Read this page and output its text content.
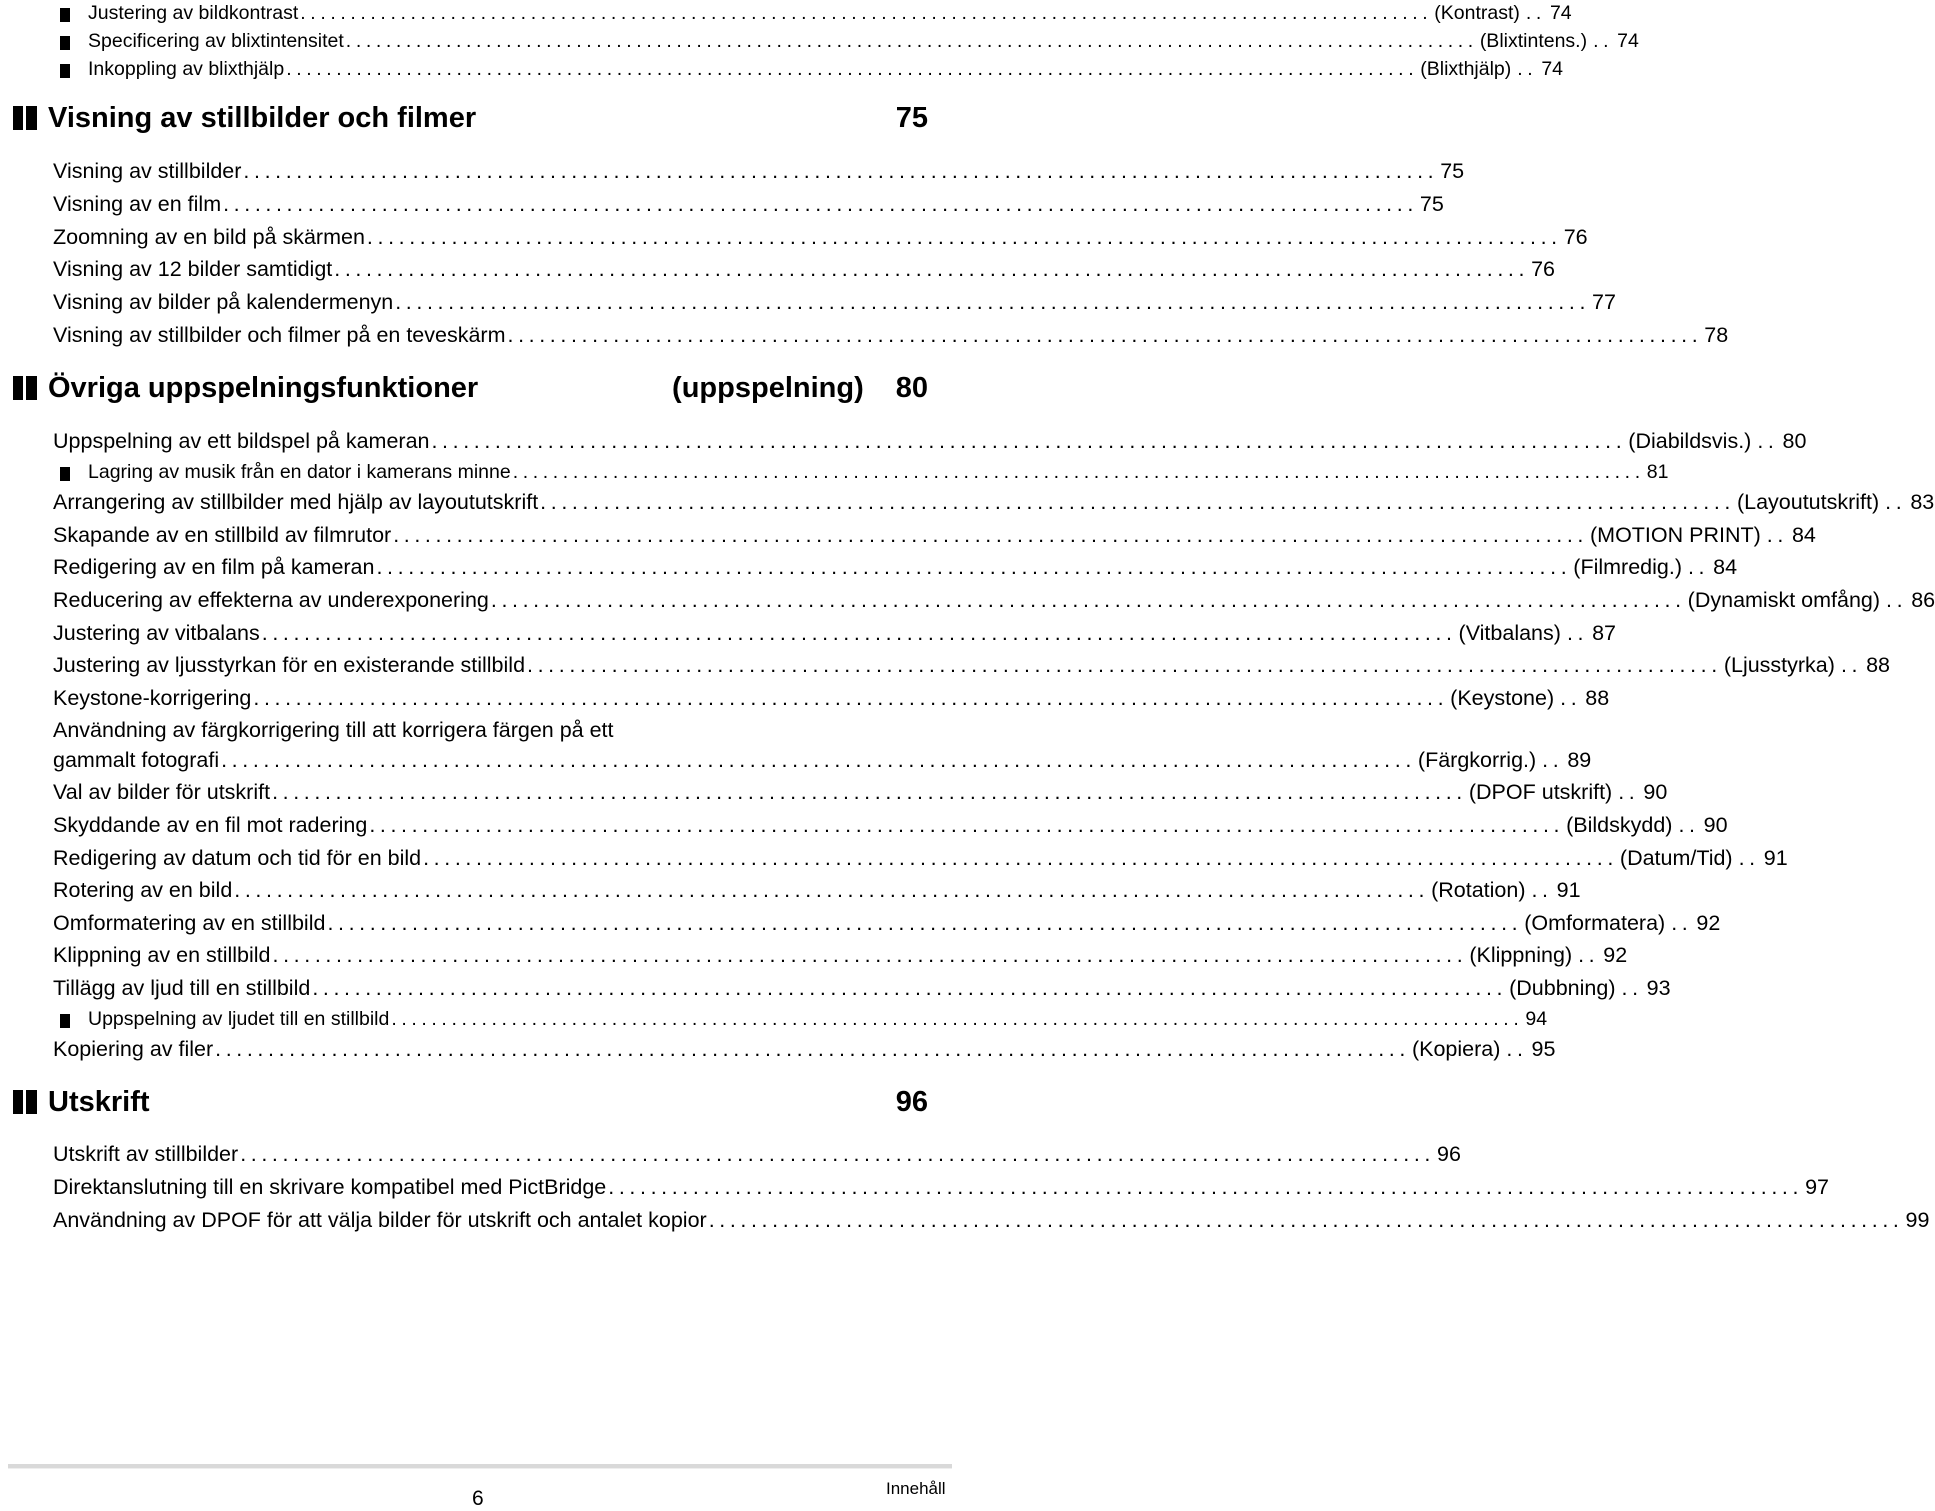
Justering av bildkontrast ................................................................................................................. (Kontrast) .. 74
Specificering av blixtintensitet ................................................................................................................. (Blixtintens.) .. 74
Inkoppling av blixthjälp ................................................................................................................. (Blixthjälp) .. 74
Visning av stillbilder och filmer	75
Visning av stillbilder ................................................................................................................. 75
Visning av en film ................................................................................................................. 75
Zoomning av en bild på skärmen ................................................................................................................. 76
Visning av 12 bilder samtidigt ................................................................................................................. 76
Visning av bilder på kalendermenyn ................................................................................................................. 77
Visning av stillbilder och filmer på en teveskärm ................................................................................................................. 78
Övriga uppspelningsfunktioner	(uppspelning)	80
Uppspelning av ett bildspel på kameran ................................................................................................................. (Diabildsvis.) .. 80
Lagring av musik från en dator i kamerans minne ................................................................................................................. 81
Arrangering av stillbilder med hjälp av layoututskrift ................................................................................................................. (Layoututskrift) .. 83
Skapande av en stillbild av filmrutor ................................................................................................................. (MOTION PRINT) .. 84
Redigering av en film på kameran ................................................................................................................. (Filmredig.) .. 84
Reducering av effekterna av underexponering ................................................................................................................. (Dynamiskt omfång) .. 86
Justering av vitbalans ................................................................................................................. (Vitbalans) .. 87
Justering av ljusstyrkan för en existerande stillbild ................................................................................................................. (Ljusstyrka) .. 88
Keystone-korrigering ................................................................................................................. (Keystone) .. 88
Användning av färgkorrigering till att korrigera färgen på ett
gammalt fotografi ................................................................................................................. (Färgkorrig.) .. 89
Val av bilder för utskrift ................................................................................................................. (DPOF utskrift) .. 90
Skyddande av en fil mot radering ................................................................................................................. (Bildskydd) .. 90
Redigering av datum och tid för en bild ................................................................................................................. (Datum/Tid) .. 91
Rotering av en bild ................................................................................................................. (Rotation) .. 91
Omformatering av en stillbild ................................................................................................................. (Omformatera) .. 92
Klippning av en stillbild ................................................................................................................. (Klippning) .. 92
Tillägg av ljud till en stillbild ................................................................................................................. (Dubbning) .. 93
Uppspelning av ljudet till en stillbild ................................................................................................................. 94
Kopiering av filer ................................................................................................................. (Kopiera) .. 95
Utskrift	96
Utskrift av stillbilder ................................................................................................................. 96
Direktanslutning till en skrivare kompatibel med PictBridge ................................................................................................................. 97
Användning av DPOF för att välja bilder för utskrift och antalet kopior ................................................................................................................. 99
6	Innehåll
